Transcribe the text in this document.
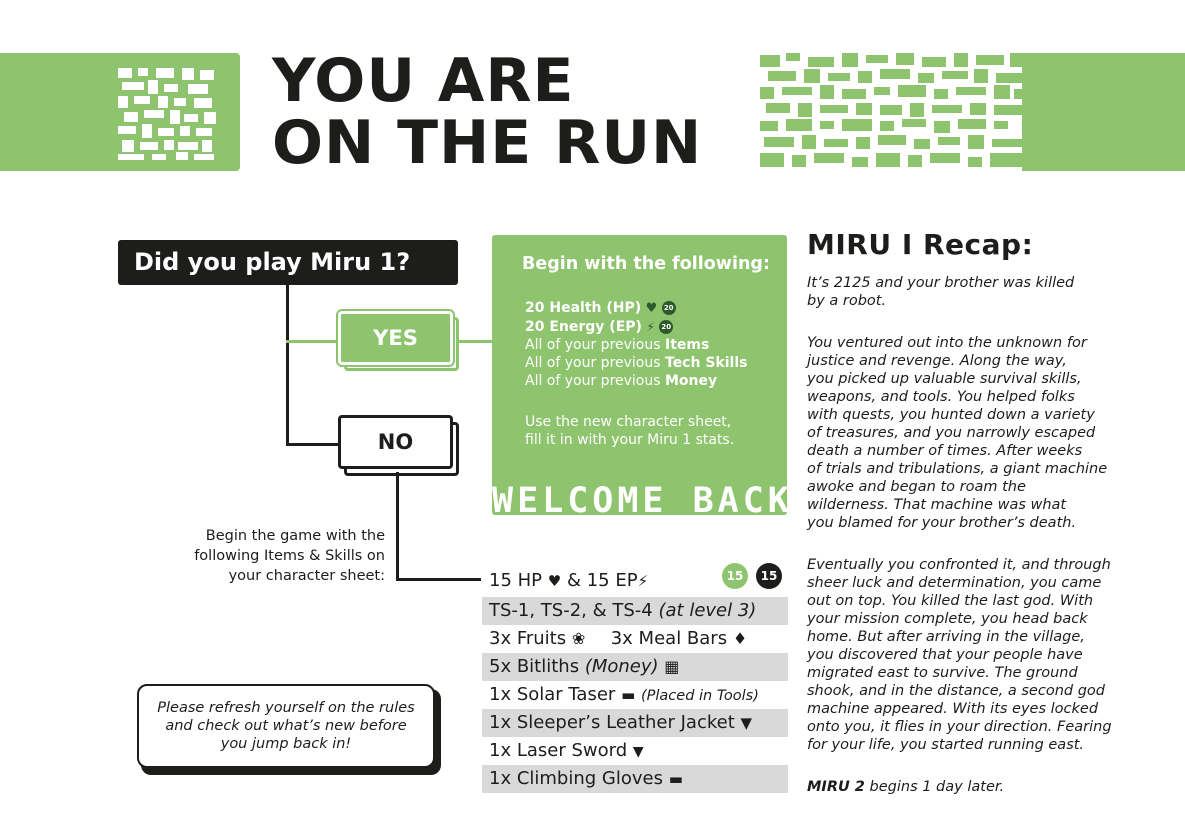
YOU ARE
ON THE RUN
Did you play Miru 1?
YES
NO
Begin the game with the following Items & Skills on your character sheet:
Begin with the following:
20 Health (HP) ♥ 20
20 Energy (EP) ⚡ 20
All of your previous Items
All of your previous Tech Skills
All of your previous Money
Use the new character sheet,
fill it in with your Miru 1 stats.
WELCOME BACK
15 HP ♥ & 15 EP⚡	15	15
TS-1, TS-2, & TS-4 (at level 3)
3x Fruits ❀ 3x Meal Bars ♦
5x Bitliths (Money) ▦
1x Solar Taser ▬ (Placed in Tools)
1x Sleeper’s Leather Jacket ▼
1x Laser Sword ▼
1x Climbing Gloves ▬
Please refresh yourself on the rules
and check out what’s new before
you jump back in!
MIRU I Recap:
It’s 2125 and your brother was killed
by a robot.
You ventured out into the unknown for
justice and revenge. Along the way,
you picked up valuable survival skills,
weapons, and tools. You helped folks
with quests, you hunted down a variety
of treasures, and you narrowly escaped
death a number of times. After weeks
of trials and tribulations, a giant machine
awoke and began to roam the
wilderness. That machine was what
you blamed for your brother’s death.
Eventually you confronted it, and through
sheer luck and determination, you came
out on top. You killed the last god. With
your mission complete, you head back
home. But after arriving in the village,
you discovered that your people have
migrated east to survive. The ground
shook, and in the distance, a second god
machine appeared. With its eyes locked
onto you, it flies in your direction. Fearing
for your life, you started running east.
MIRU 2 begins 1 day later.
